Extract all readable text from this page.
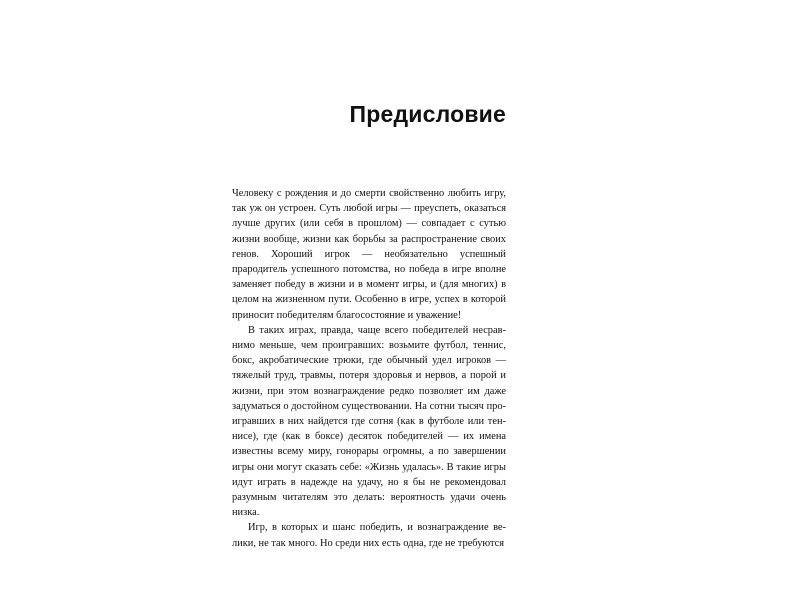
Предисловие

Человеку с рождения и до смерти свойственно любить игру, так уж он устроен. Суть любой игры — преуспеть, оказаться лучше других (или себя в прошлом) — совпадает с сутью жизни вообще, жизни как борьбы за распространение своих генов. Хороший игрок — необязательно успешный прародитель успешного потомства, но победа в игре вполне заменяет победу в жизни и в момент игры, и (для многих) в целом на жизненном пути. Особенно в игре, успех в которой приносит победителям благосостояние и уважение!

В таких играх, правда, чаще всего победителей несравнимо меньше, чем проигравших: возьмите футбол, теннис, бокс, акробатические трюки, где обычный удел игроков — тяжелый труд, травмы, потеря здоровья и нервов, а порой и жизни, при этом вознаграждение редко позволяет им даже задуматься о достойном существовании. На сотни тысяч проигравших в них найдется где сотня (как в футболе или теннисе), где (как в боксе) десяток победителей — их имена известны всему миру, гонорары огромны, а по завершении игры они могут сказать себе: «Жизнь удалась». В такие игры идут играть в надежде на удачу, но я бы не рекомендовал разумным читателям это делать: вероятность удачи очень низка.

Игр, в которых и шанс победить, и вознаграждение велики, не так много. Но среди них есть одна, где не требуются
